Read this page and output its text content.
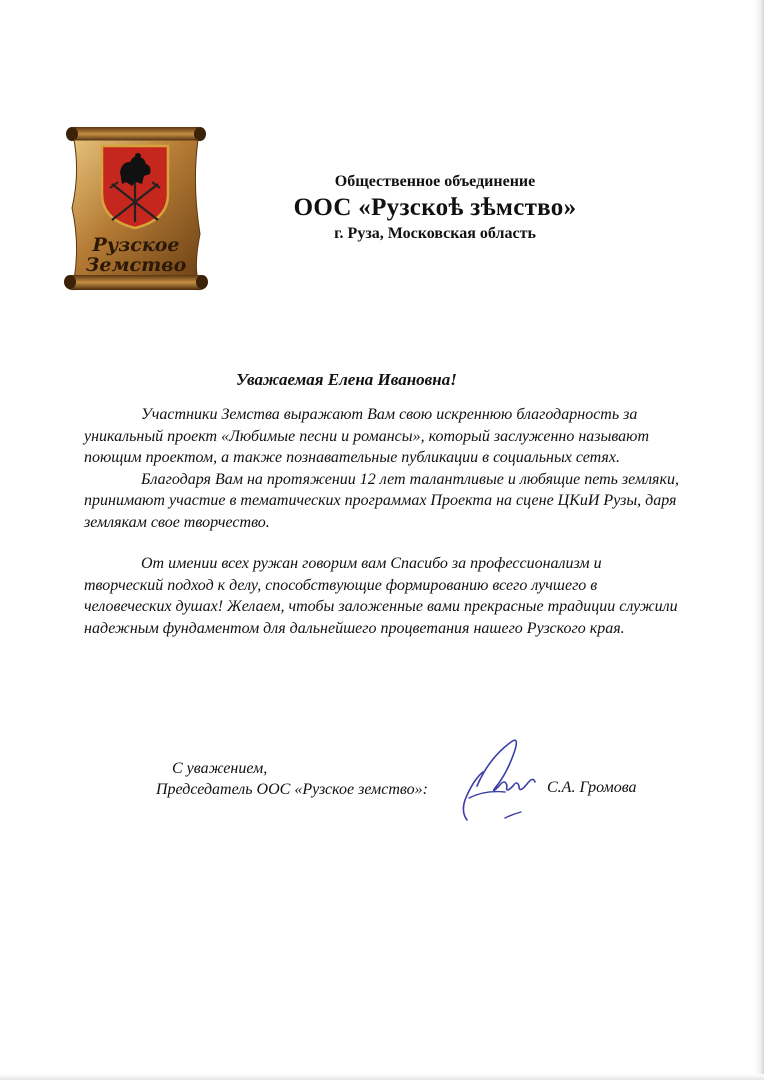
Рузское
Земство
Общественное объединение
ООС «Рузскоѣ зѣмство»
г. Руза, Московская область
Уважаемая Елена Ивановна!

Участники Земства выражают Вам свою искреннюю благодарность за уникальный проект «Любимые песни и романсы», который заслуженно называют поющим проектом, а также познавательные публикации в социальных сетях.

Благодаря Вам на протяжении 12 лет талантливые и любящие петь земляки, принимают участие в тематических программах Проекта на сцене ЦКиИ Рузы, даря землякам свое творчество.

От имении всех ружан говорим вам Спасибо за профессионализм и творческий подход к делу, способствующие формированию всего лучшего в человеческих душах! Желаем, чтобы заложенные вами прекрасные традиции служили надежным фундаментом для дальнейшего процветания нашего Рузского края.

С уважением,
Председатель ООС «Рузское земство»:	С.А. Громова
